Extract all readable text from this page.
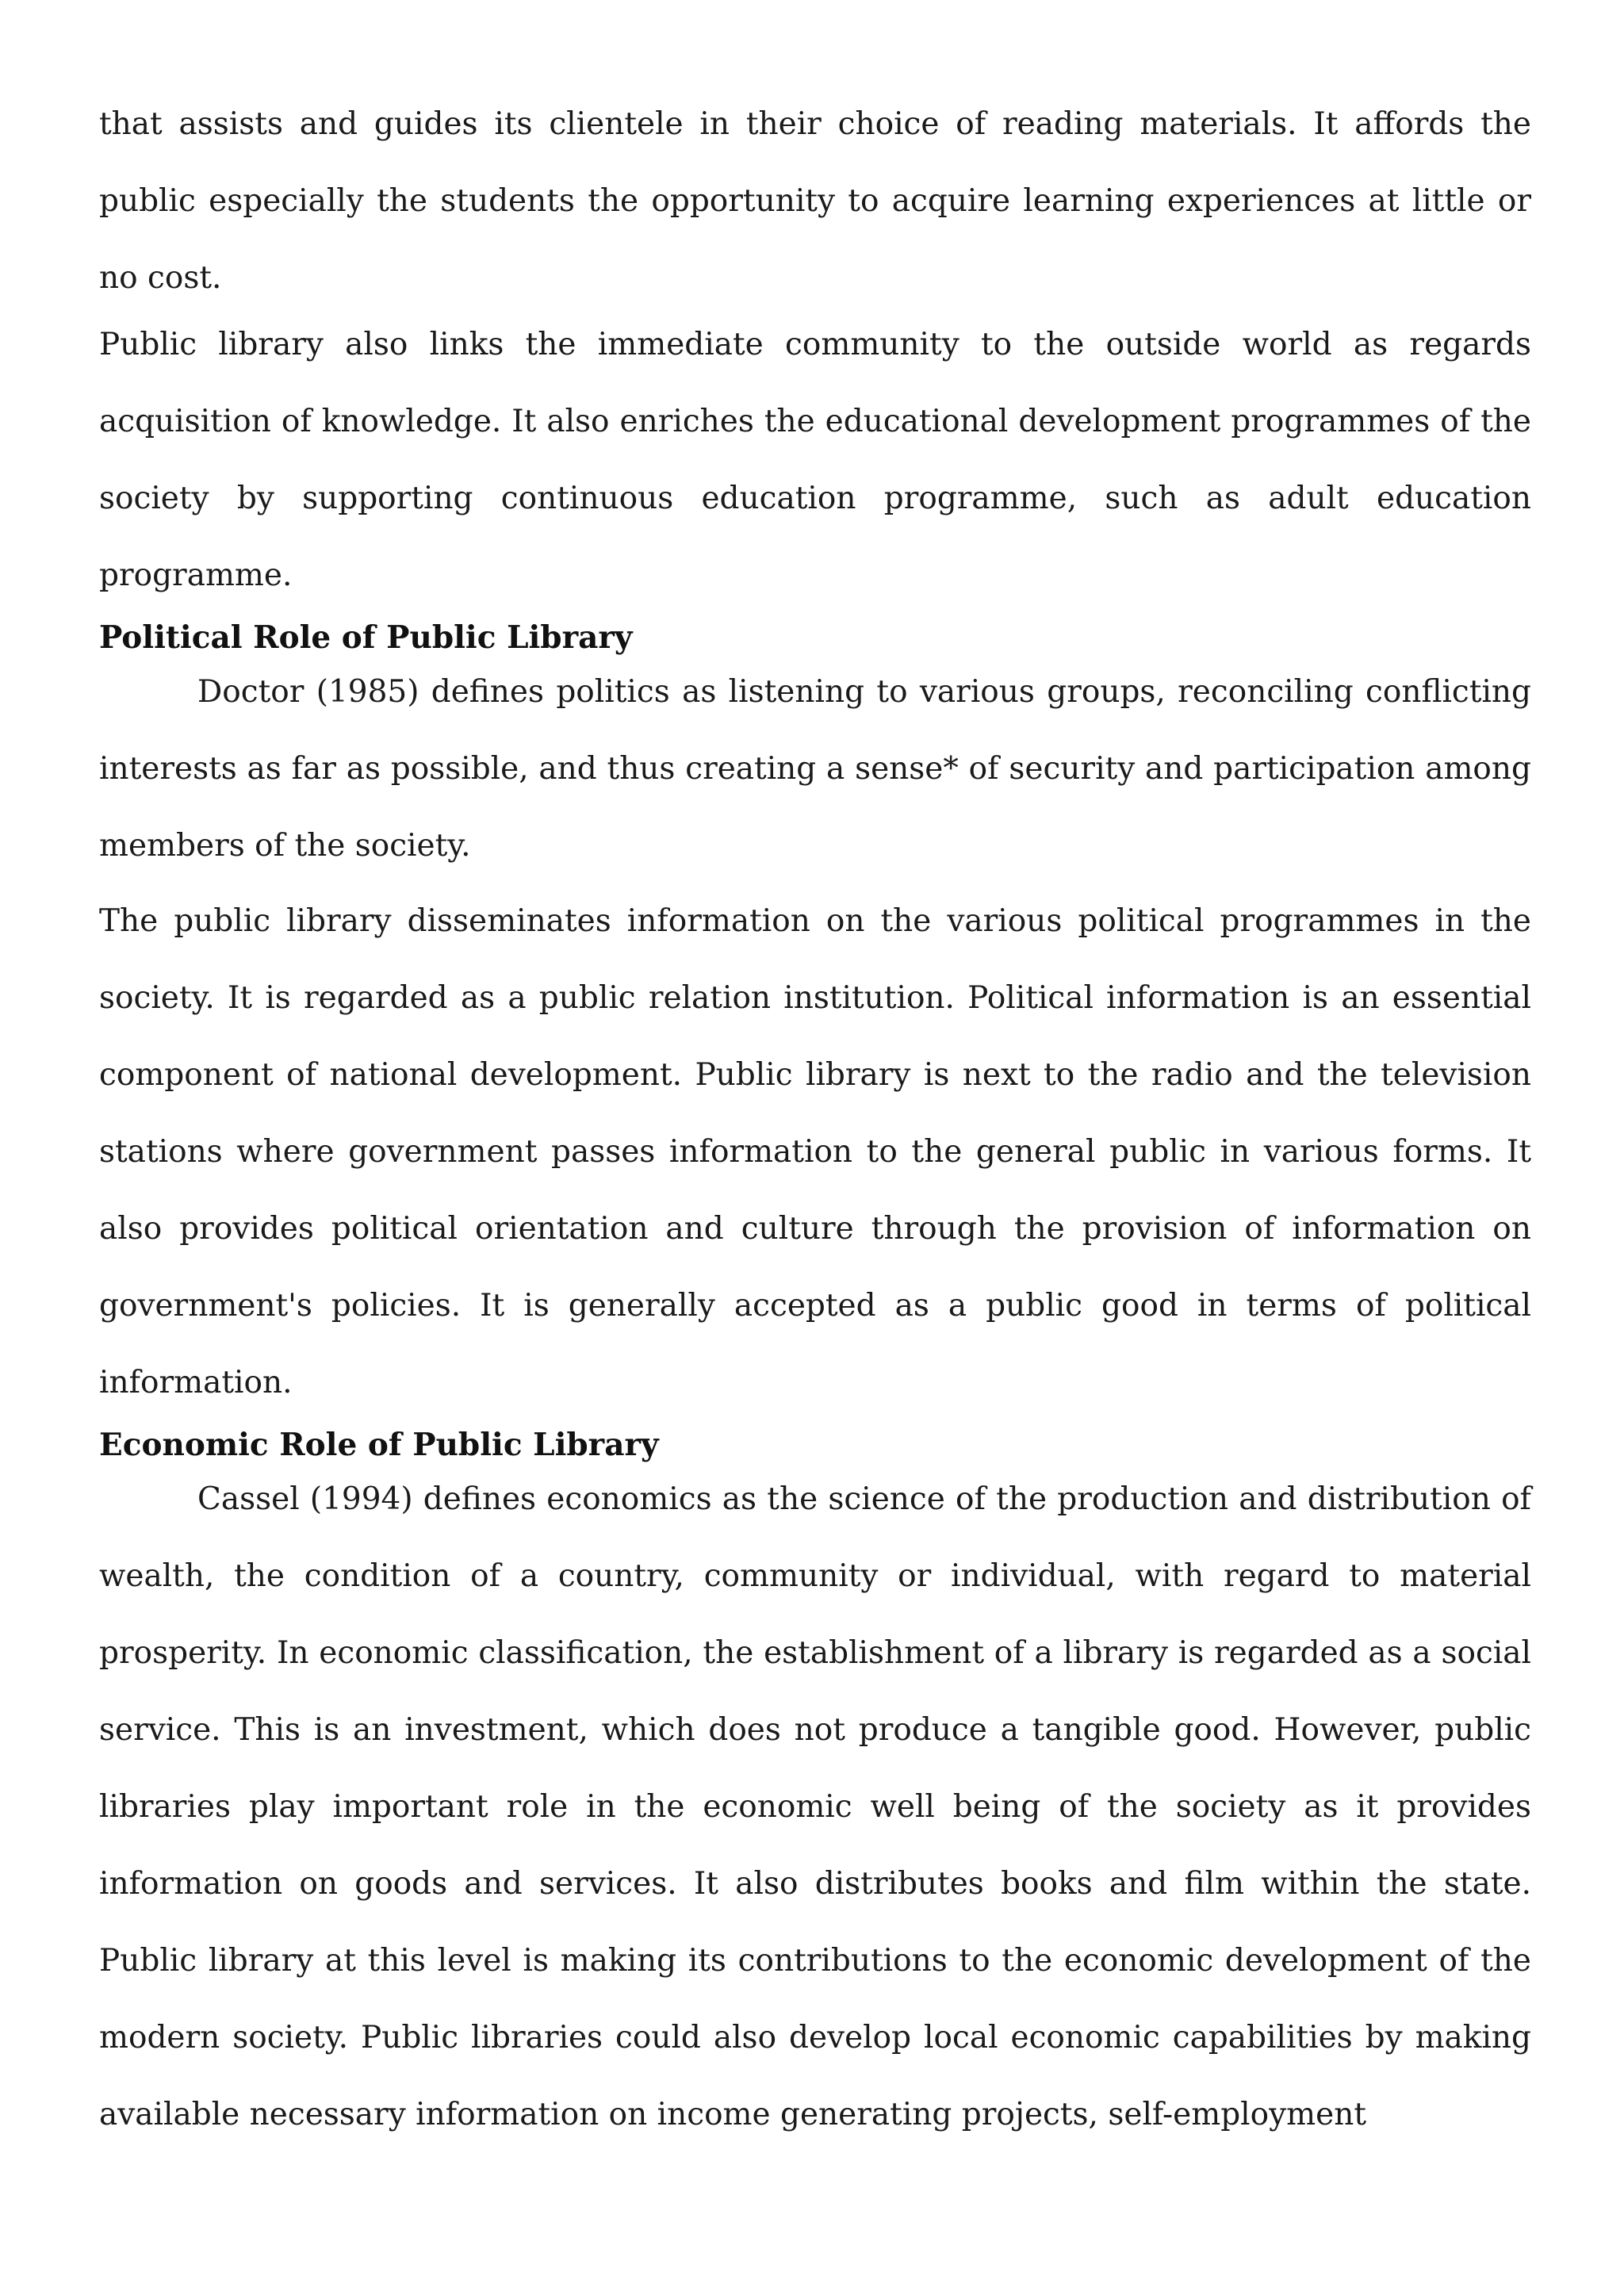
that assists and guides its clientele in their choice of reading materials. It affords the public especially the students the opportunity to acquire learning experiences at little or no cost.

Public library also links the immediate community to the outside world as regards acquisition of knowledge. It also enriches the educational development programmes of the society by supporting continuous education programme, such as adult education programme.

Political Role of Public Library

Doctor (1985) defines politics as listening to various groups, reconciling conflicting interests as far as possible, and thus creating a sense* of security and participation among members of the society.

The public library disseminates information on the various political programmes in the society. It is regarded as a public relation institution. Political information is an essential component of national development. Public library is next to the radio and the television stations where government passes information to the general public in various forms. It also provides political orientation and culture through the provision of information on government's policies. It is generally accepted as a public good in terms of political information.

Economic Role of Public Library

Cassel (1994) defines economics as the science of the production and distribution of wealth, the condition of a country, community or individual, with regard to material prosperity. In economic classification, the establishment of a library is regarded as a social service. This is an investment, which does not produce a tangible good. However, public libraries play important role in the economic well being of the society as it provides information on goods and services. It also distributes books and film within the state. Public library at this level is making its contributions to the economic development of the modern society. Public libraries could also develop local economic capabilities by making available necessary information on income generating projects, self-employment
